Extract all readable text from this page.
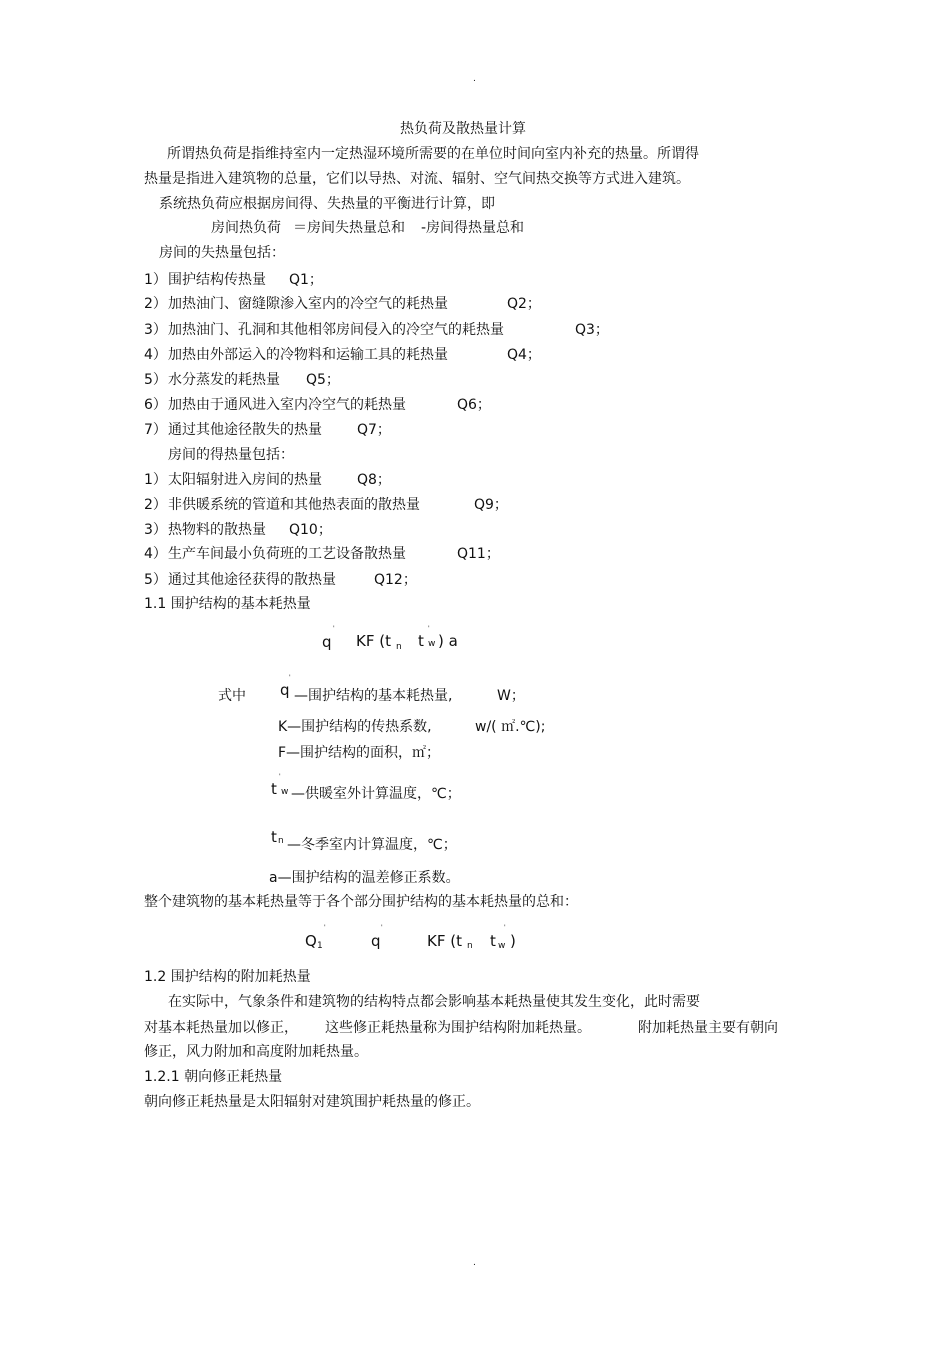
.
.
热负荷及散热量计算
所谓热负荷是指维持室内一定热湿环境所需要的在单位时间向室内补充的热量。所谓得
热量是指进入建筑物的总量，它们以导热、对流、辐射、空气间热交换等方式进入建筑。
系统热负荷应根据房间得、失热量的平衡进行计算，即
房间热负荷 ＝房间失热量总和 -房间得热量总和
房间的失热量包括：
1） 围护结构传热量 Q1；
2） 加热油门、窗缝隙渗入室内的冷空气的耗热量	Q2；
3） 加热油门、孔洞和其他相邻房间侵入的冷空气的耗热量	Q3；
4） 加热由外部运入的冷物料和运输工具的耗热量	Q4；
5） 水分蒸发的耗热量 Q5；
6） 加热由于通风进入室内冷空气的耗热量	Q6；
7） 通过其他途径散失的热量	Q7；
房间的得热量包括：
1） 太阳辐射进入房间的热量	Q8；
2） 非供暖系统的管道和其他热表面的散热量	Q9；
3） 热物料的散热量 Q10；
4） 生产车间最小负荷班的工艺设备散热量	Q11；
5） 通过其他途径获得的散热量	Q12；
1.1 围护结构的基本耗热量
q
'
KF (t n t
'
w ) a
式中 q
'
—围护结构的基本耗热量,	W；
K—围护结构的传热系数,	w/( ㎡.℃);
F—围护结构的面积，㎡；
t
'
w —供暖室外计算温度，℃；
t n —冬季室内计算温度，℃；
a—围护结构的温差修正系数。
整个建筑物的基本耗热量等于各个部分围护结构的基本耗热量的总和：
Q 1
'
q
'
KF (t n t w
'
)
1.2 围护结构的附加耗热量
在实际中，气象条件和建筑物的结构特点都会影响基本耗热量使其发生变化，此时需要
对基本耗热量加以修正， 这些修正耗热量称为围护结构附加耗热量。	附加耗热量主要有朝向
修正，风力附加和高度附加耗热量。
1.2.1 朝向修正耗热量
朝向修正耗热量是太阳辐射对建筑围护耗热量的修正。
